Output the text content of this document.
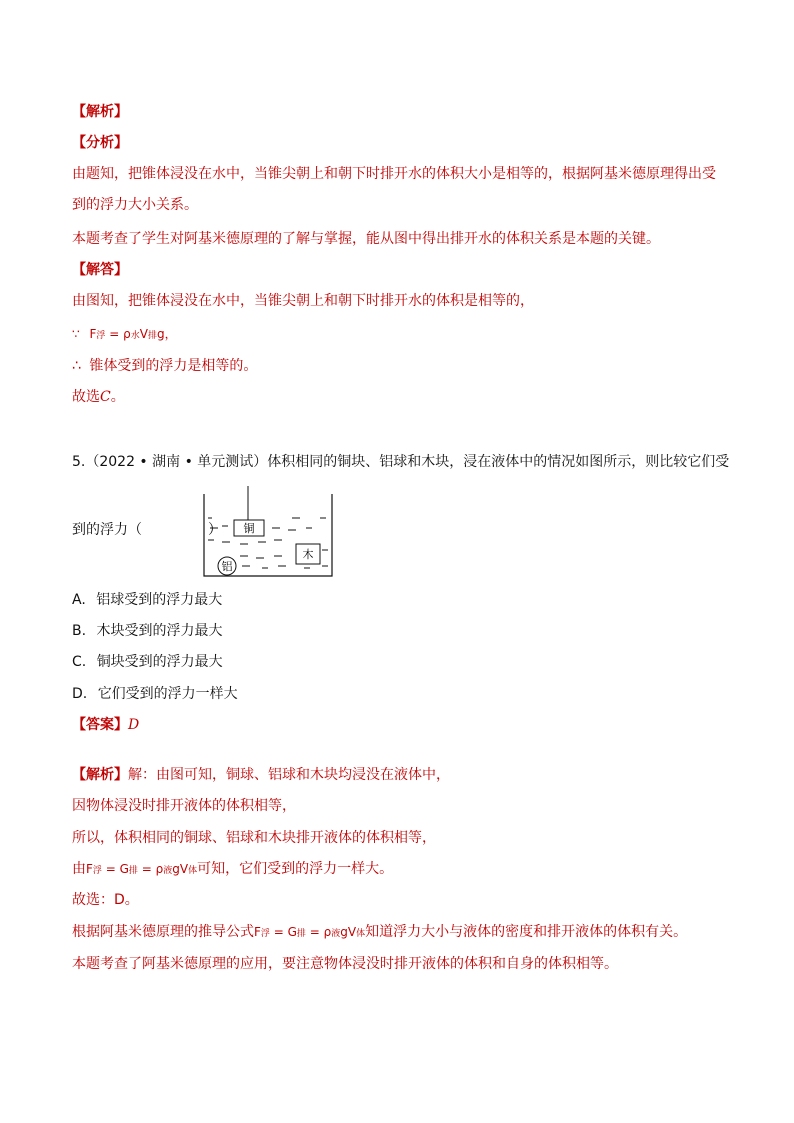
【解析】
【分析】
由题知，把锥体浸没在水中，当锥尖朝上和朝下时排开水的体积大小是相等的，根据阿基米德原理得出受
到的浮力大小关系。
本题考查了学生对阿基米德原理的了解与掌握，能从图中得出排开水的体积关系是本题的关键。
【解答】
由图知，把锥体浸没在水中，当锥尖朝上和朝下时排开水的体积是相等的，
∵ F浮 = ρ水V排g，
∴ 锥体受到的浮力是相等的。
故选C。
5.（2022 • 湖南 • 单元测试）体积相同的铜块、铝球和木块，浸在液体中的情况如图所示，则比较它们受
到的浮力（	） 铜
木
铝
A. 铝球受到的浮力最大
B. 木块受到的浮力最大
C. 铜块受到的浮力最大
D. 它们受到的浮力一样大
【答案】D
【解析】解：由图可知，铜球、铝球和木块均浸没在液体中，
因物体浸没时排开液体的体积相等，
所以，体积相同的铜球、铝球和木块排开液体的体积相等，
由F浮 = G排 = ρ液gV体可知，它们受到的浮力一样大。
故选：D。
根据阿基米德原理的推导公式F浮 = G排 = ρ液gV体知道浮力大小与液体的密度和排开液体的体积有关。
本题考查了阿基米德原理的应用，要注意物体浸没时排开液体的体积和自身的体积相等。
